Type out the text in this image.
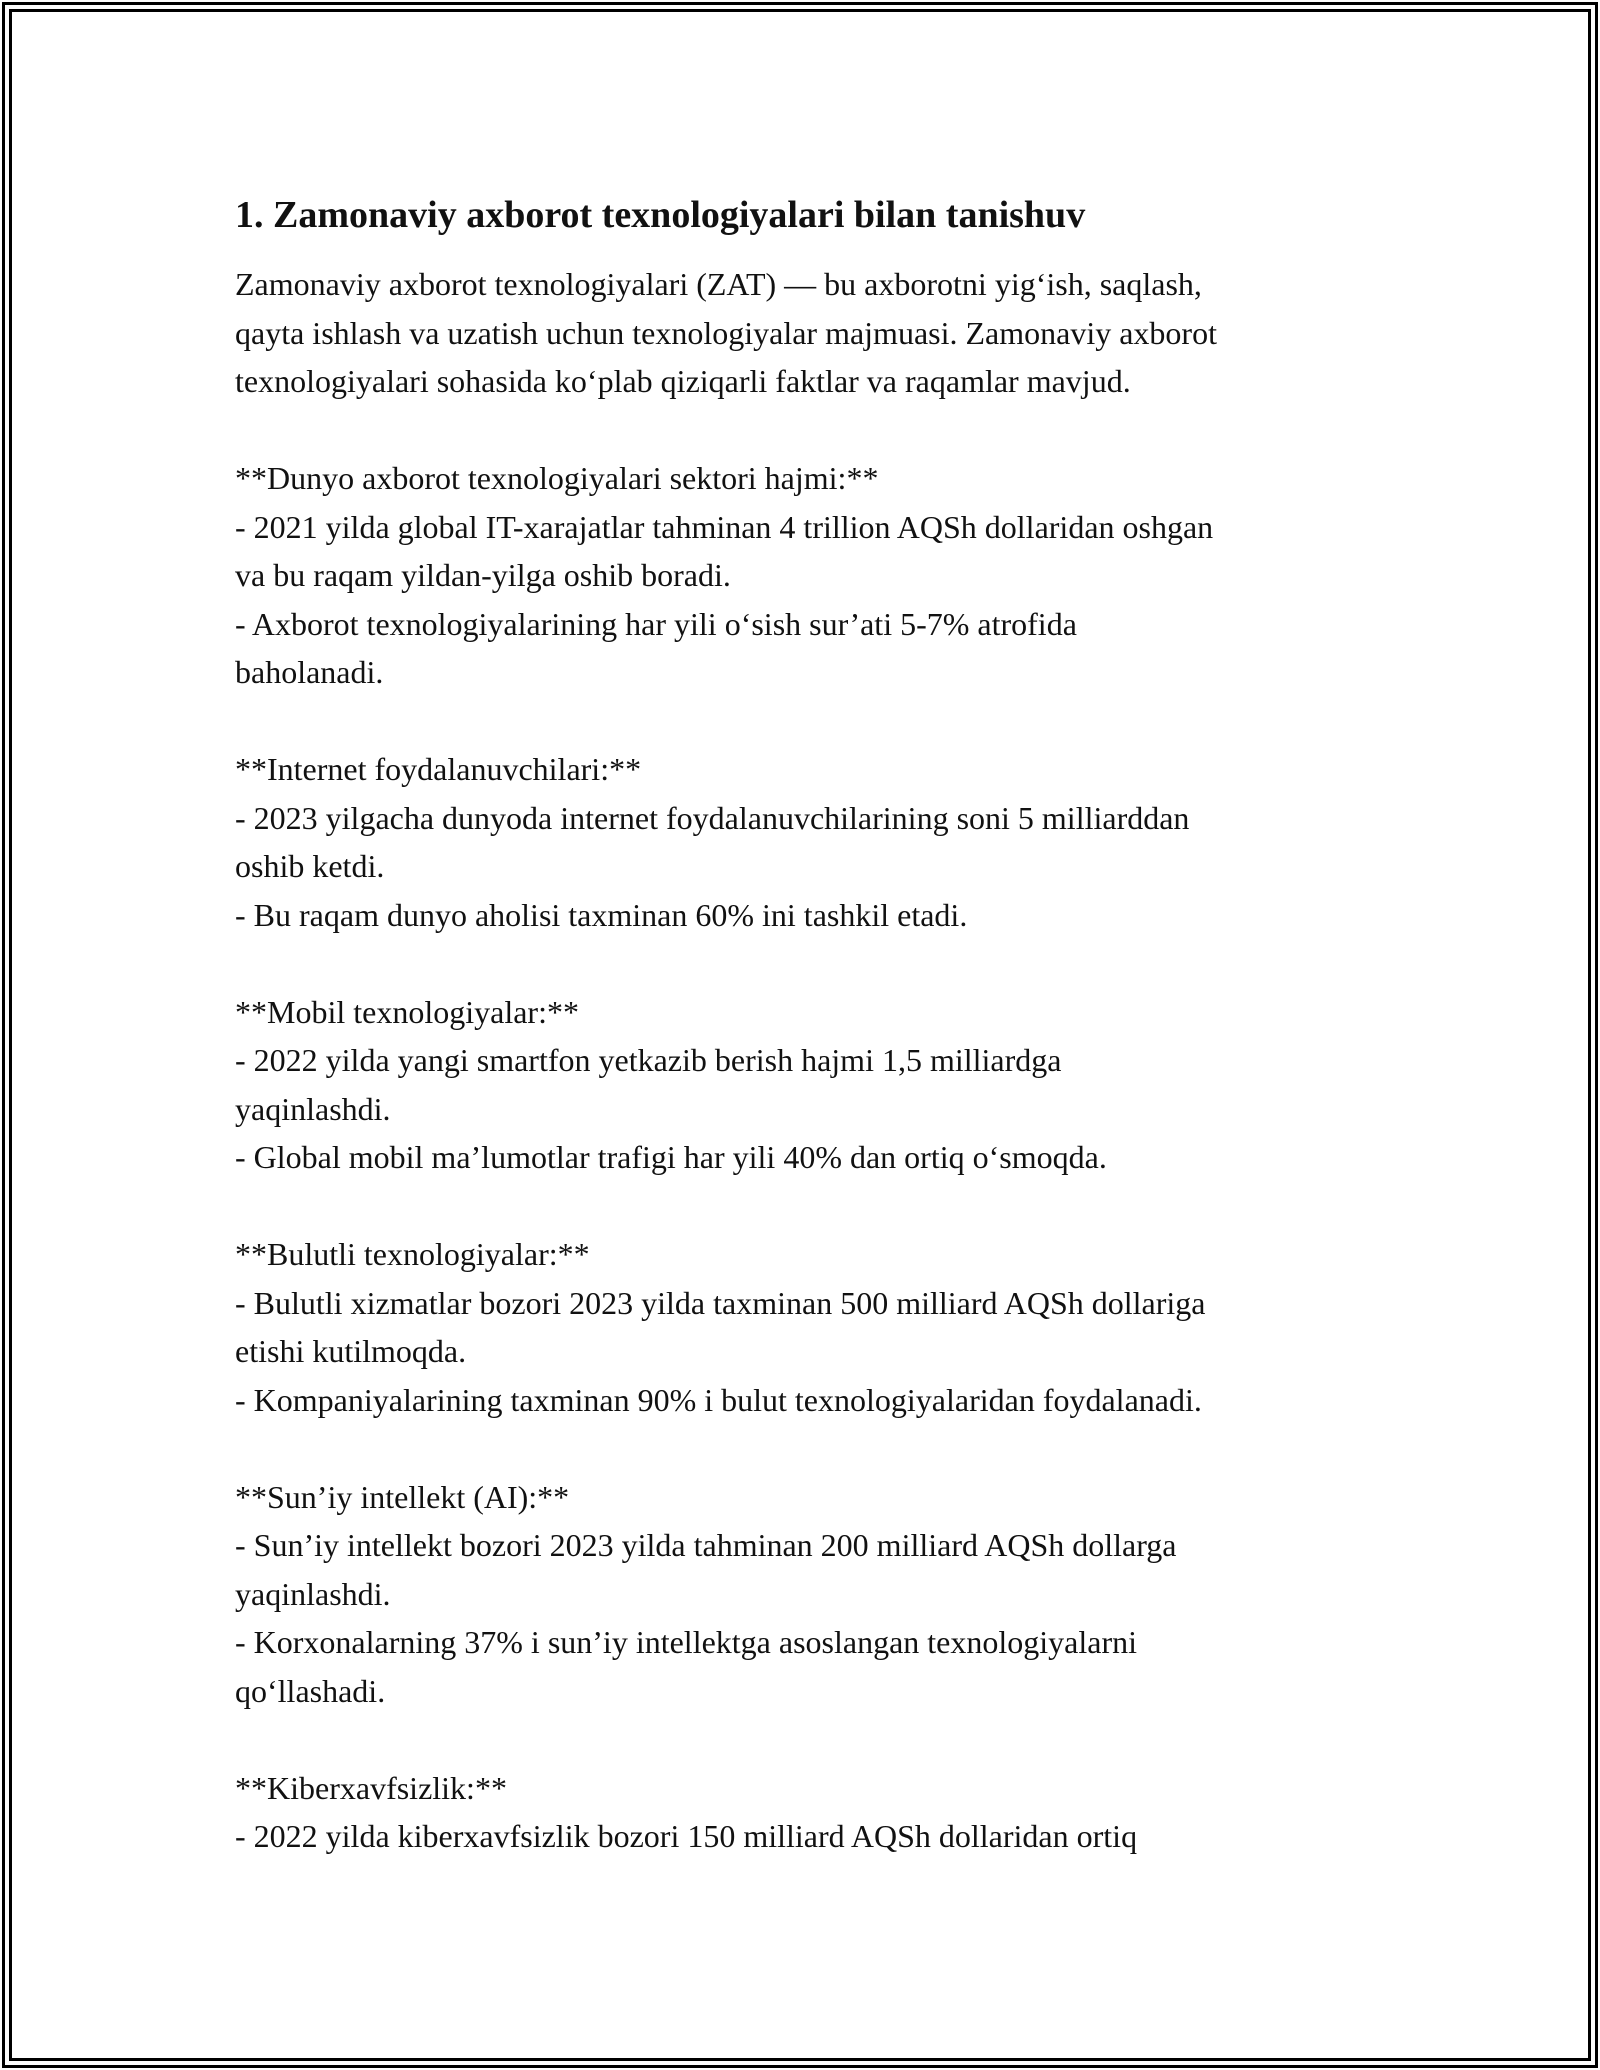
1. Zamonaviy axborot texnologiyalari bilan tanishuv
Zamonaviy axborot texnologiyalari (ZAT) — bu axborotni yig‘ish, saqlash,
qayta ishlash va uzatish uchun texnologiyalar majmuasi. Zamonaviy axborot
texnologiyalari sohasida ko‘plab qiziqarli faktlar va raqamlar mavjud.
**Dunyo axborot texnologiyalari sektori hajmi:**
- 2021 yilda global IT-xarajatlar tahminan 4 trillion AQSh dollaridan oshgan
va bu raqam yildan-yilga oshib boradi.
- Axborot texnologiyalarining har yili o‘sish sur’ati 5-7% atrofida
baholanadi.
**Internet foydalanuvchilari:**
- 2023 yilgacha dunyoda internet foydalanuvchilarining soni 5 milliarddan
oshib ketdi.
- Bu raqam dunyo aholisi taxminan 60% ini tashkil etadi.
**Mobil texnologiyalar:**
- 2022 yilda yangi smartfon yetkazib berish hajmi 1,5 milliardga
yaqinlashdi.
- Global mobil ma’lumotlar trafigi har yili 40% dan ortiq o‘smoqda.
**Bulutli texnologiyalar:**
- Bulutli xizmatlar bozori 2023 yilda taxminan 500 milliard AQSh dollariga
etishi kutilmoqda.
- Kompaniyalarining taxminan 90% i bulut texnologiyalaridan foydalanadi.
**Sun’iy intellekt (AI):**
- Sun’iy intellekt bozori 2023 yilda tahminan 200 milliard AQSh dollarga
yaqinlashdi.
- Korxonalarning 37% i sun’iy intellektga asoslangan texnologiyalarni
qo‘llashadi.
**Kiberxavfsizlik:**
- 2022 yilda kiberxavfsizlik bozori 150 milliard AQSh dollaridan ortiq
